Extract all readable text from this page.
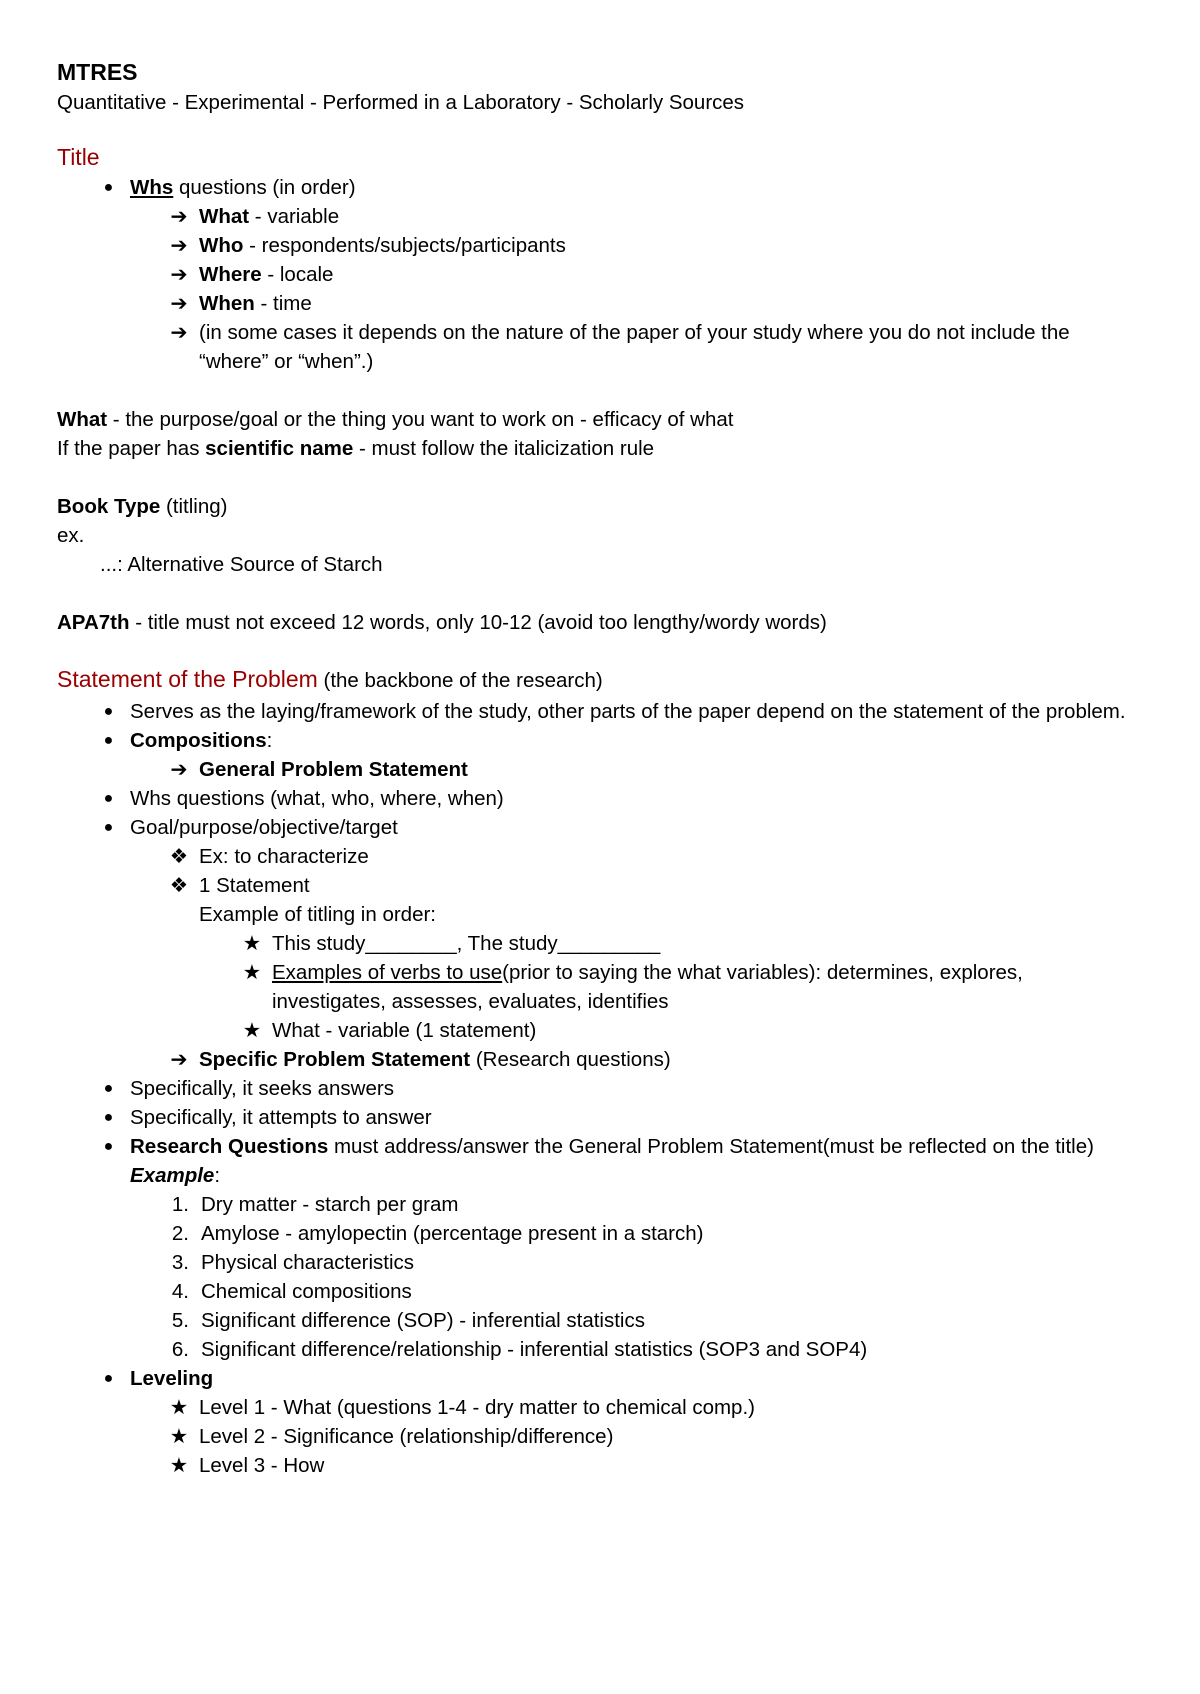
MTRES

Quantitative - Experimental - Performed in a Laboratory - Scholarly Sources

Title

● Whs questions (in order)
➔ What - variable
➔ Who - respondents/subjects/participants
➔ Where - locale
➔ When - time
➔ (in some cases it depends on the nature of the paper of your study where you do not include the “where” or “when”.)

What - the purpose/goal or the thing you want to work on - efficacy of what

If the paper has scientific name - must follow the italicization rule

Book Type (titling)

ex.

...: Alternative Source of Starch

APA7th - title must not exceed 12 words, only 10-12 (avoid too lengthy/wordy words)

Statement of the Problem (the backbone of the research)

● Serves as the laying/framework of the study, other parts of the paper depend on the statement of the problem.
● Compositions:
➔ General Problem Statement
● Whs questions (what, who, where, when)
● Goal/purpose/objective/target
❖ Ex: to characterize
❖ 1 Statement

Example of titling in order:

★ This study________, The study_________
★ Examples of verbs to use(prior to saying the what variables): determines, explores, investigates, assesses, evaluates, identifies
★ What - variable (1 statement)
➔ Specific Problem Statement (Research questions)
● Specifically, it seeks answers
● Specifically, it attempts to answer
● Research Questions must address/answer the General Problem Statement(must be reflected on the title)

Example:

1. Dry matter - starch per gram
2. Amylose - amylopectin (percentage present in a starch)
3. Physical characteristics
4. Chemical compositions
5. Significant difference (SOP) - inferential statistics
6. Significant difference/relationship - inferential statistics (SOP3 and SOP4)
● Leveling
★ Level 1 - What (questions 1-4 - dry matter to chemical comp.)
★ Level 2 - Significance (relationship/difference)
★ Level 3 - How
